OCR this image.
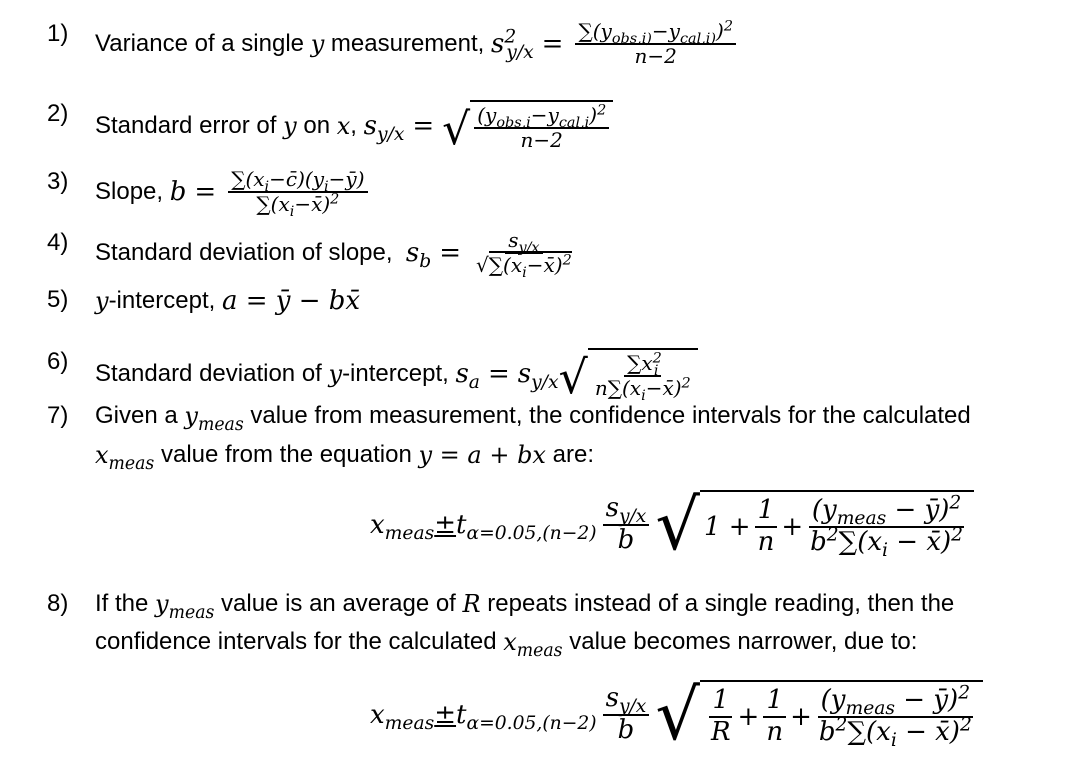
1)	Variance of a single
y
measurement,
$s^2_{y/x} = \frac{\sum(y_{obs,i)}-y_{cal,i)})^2}{n-2}$
2)	Standard error of
y
on
x , $s_{y/x}$ = √ $\frac{(y_{obs,i}-y_{cal,i})^2}{n-2}$
3)	Slope,
$b = \frac{\sum(x_i-c̄)(y_i-ȳ)}{\sum(x_i-x̄)^2}$
4)	Standard deviation of slope,
$s_b = \frac{s_{y/x}}{√\sum(x_i-x̄)^2}$
5)	y -intercept,
a = ȳ − bx̄
6)	Standard deviation of
y -intercept,
$s_a = s_{y/x}$ √ $\frac{\sum x^2_i}{n\sum(x_i-x̄)^2}$
7)	Given a
$y_{meas}$
value from measurement, the confidence intervals for the calculated
$x_{meas}$
value from the equation
y = a + bx
are:
$x_{meas}\pm t_{\alpha=0.05,(n-2)} \frac{s_{y/x}}{b}$ √ $1 + \frac{1}{n} + \frac{(y_{meas} - ȳ)^2}{b^2\sum(x_i - x̄)^2}$
8)	If the
$y_{meas}$
value is an average of
R
repeats instead of a single reading, then the
confidence intervals for the calculated
$x_{meas}$
value becomes narrower, due to:
$x_{meas}\pm t_{\alpha=0.05,(n-2)} \frac{s_{y/x}}{b}$ √ $\frac{1}{R} + \frac{1}{n} + \frac{(y_{meas} - ȳ)^2}{b^2\sum(x_i - x̄)^2}$
